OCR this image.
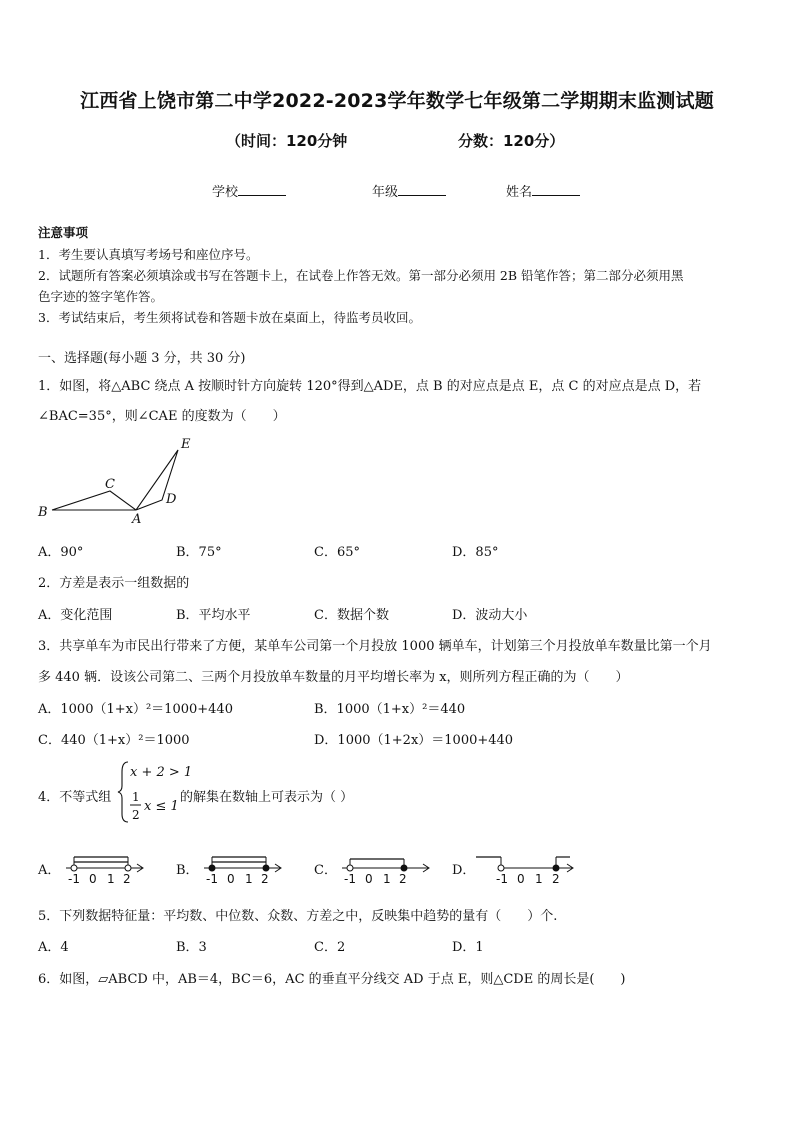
江西省上饶市第二中学2022-2023学年数学七年级第二学期期末监测试题
（时间：120分钟	分数：120分）
学校	年级	姓名
注意事项
1．考生要认真填写考场号和座位序号。
2．试题所有答案必须填涂或书写在答题卡上，在试卷上作答无效。第一部分必须用 2B 铅笔作答；第二部分必须用黑
色字迹的签字笔作答。
3．考试结束后，考生须将试卷和答题卡放在桌面上，待监考员收回。
一、选择题(每小题 3 分，共 30 分)
1．如图，将△ABC 绕点 A 按顺时针方向旋转 120°得到△ADE，点 B 的对应点是点 E，点 C 的对应点是点 D，若
∠BAC=35°，则∠CAE 的度数为（　　）
E
C
D
B	A
A．90°	B．75°	C．65°	D．85°
2．方差是表示一组数据的
A．变化范围	B．平均水平	C．数据个数	D．波动大小
3．共享单车为市民出行带来了方便，某单车公司第一个月投放 1000 辆单车，计划第三个月投放单车数量比第一个月
多 440 辆．设该公司第二、三两个月投放单车数量的月平均增长率为 x，则所列方程正确的为（　　）
A．1000（1+x）²＝1000+440	B．1000（1+x）²＝440
C．440（1+x）²＝1000	D．1000（1+2x）＝1000+440
4．不等式组
x + 2 > 1
1
2
x ≤ 1
的解集在数轴上可表示为（ ）
A．
-1 0 1 2
B．
-1 0 1 2
C．
-1 0 1 2
D．
-1 0 1 2
5．下列数据特征量：平均数、中位数、众数、方差之中，反映集中趋势的量有（　　）个.
A．4	B．3	C．2	D．1
6．如图，▱ABCD 中，AB＝4，BC＝6，AC 的垂直平分线交 AD 于点 E，则△CDE 的周长是(　　)
